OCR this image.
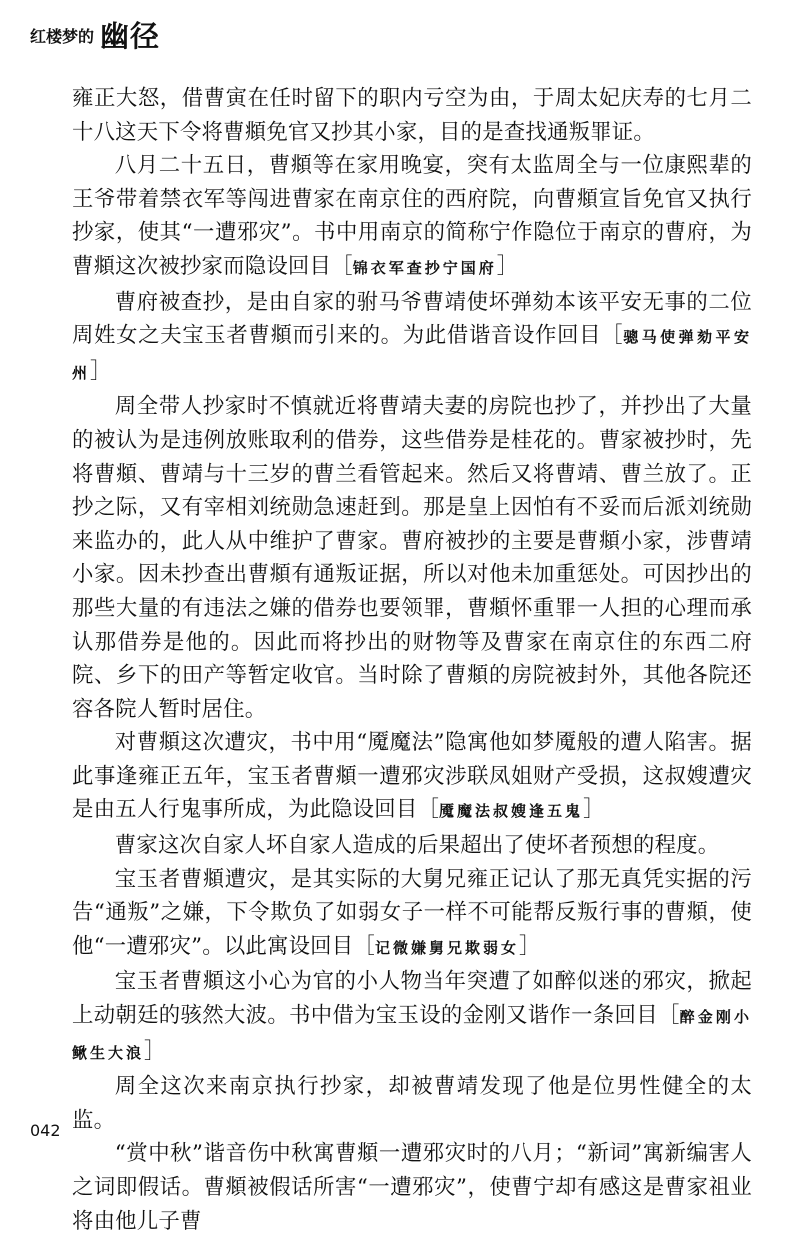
红楼梦的 幽径

雍正大怒，借曹寅在任时留下的职内亏空为由，于周太妃庆寿的七月二十八这天下令将曹頫免官又抄其小家，目的是查找通叛罪证。

八月二十五日，曹頫等在家用晚宴，突有太监周全与一位康熙辈的王爷带着禁衣军等闯进曹家在南京住的西府院，向曹頫宣旨免官又执行抄家，使其“一遭邪灾”。书中用南京的简称宁作隐位于南京的曹府，为曹頫这次被抄家而隐设回目［锦衣军查抄宁国府］

曹府被查抄，是由自家的驸马爷曹靖使坏弹劾本该平安无事的二位周姓女之夫宝玉者曹頫而引来的。为此借谐音设作回目［骢马使弹劾平安州］

周全带人抄家时不慎就近将曹靖夫妻的房院也抄了，并抄出了大量的被认为是违例放账取利的借券，这些借券是桂花的。曹家被抄时，先将曹頫、曹靖与十三岁的曹兰看管起来。然后又将曹靖、曹兰放了。正抄之际，又有宰相刘统勋急速赶到。那是皇上因怕有不妥而后派刘统勋来监办的，此人从中维护了曹家。曹府被抄的主要是曹頫小家，涉曹靖小家。因未抄查出曹頫有通叛证据，所以对他未加重惩处。可因抄出的那些大量的有违法之嫌的借券也要领罪，曹頫怀重罪一人担的心理而承认那借券是他的。因此而将抄出的财物等及曹家在南京住的东西二府院、乡下的田产等暂定收官。当时除了曹頫的房院被封外，其他各院还容各院人暂时居住。

对曹頫这次遭灾，书中用“魇魔法”隐寓他如梦魇般的遭人陷害。据此事逢雍正五年，宝玉者曹頫一遭邪灾涉联凤姐财产受损，这叔嫂遭灾是由五人行鬼事所成，为此隐设回目［魇魔法叔嫂逢五鬼］

曹家这次自家人坏自家人造成的后果超出了使坏者预想的程度。

宝玉者曹頫遭灾，是其实际的大舅兄雍正记认了那无真凭实据的污告“通叛”之嫌，下令欺负了如弱女子一样不可能帮反叛行事的曹頫，使他“一遭邪灾”。以此寓设回目［记微嫌舅兄欺弱女］

宝玉者曹頫这小心为官的小人物当年突遭了如醉似迷的邪灾，掀起上动朝廷的骇然大波。书中借为宝玉设的金刚又谐作一条回目［醉金刚小鳅生大浪］

周全这次来南京执行抄家，却被曹靖发现了他是位男性健全的太监。

“赏中秋”谐音伤中秋寓曹頫一遭邪灾时的八月；“新词”寓新编害人之词即假话。曹頫被假话所害“一遭邪灾”，使曹宁却有感这是曹家祖业将由他儿子曹

042
